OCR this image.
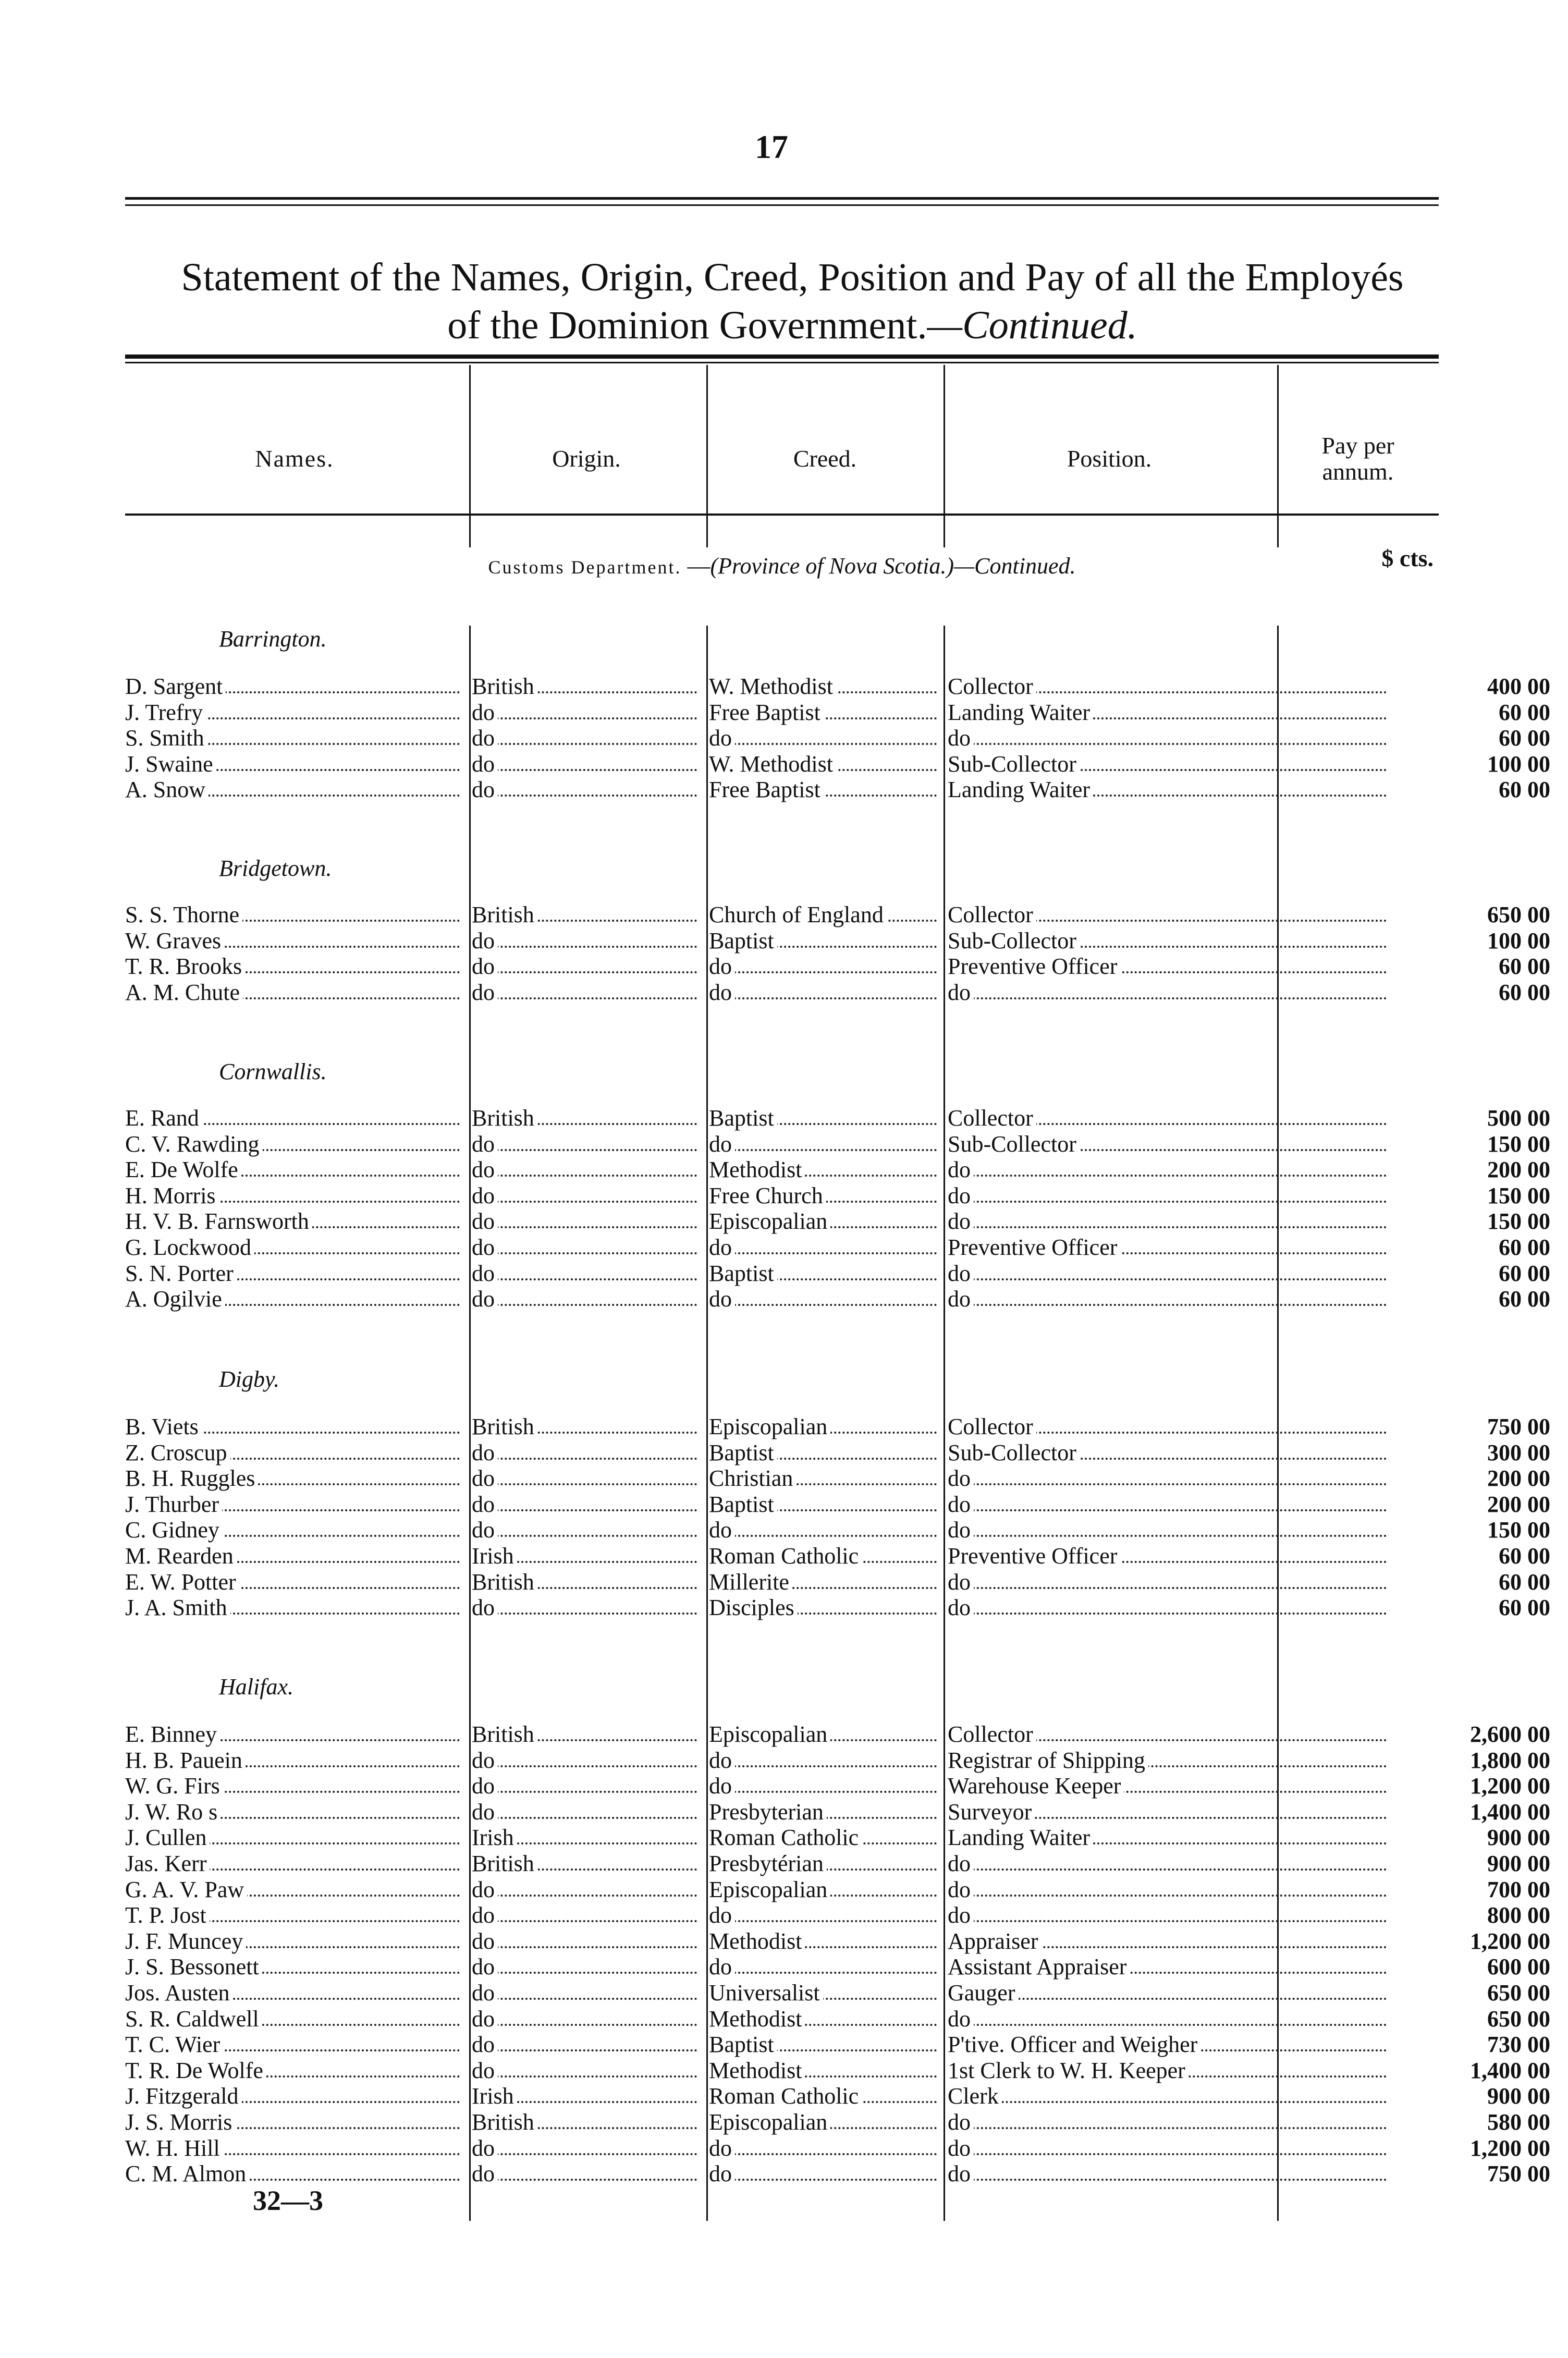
17
Statement of the Names, Origin, Creed, Position and Pay of all the Employés
of the Dominion Government.—Continued.
Names.	Origin.	Creed.	Position.	Pay per annum.
Customs Department. —(Province of Nova Scotia.)—Continued.	$ cts.
Barrington.
D. Sargent	British	W. Methodist	Collector	400 00
J. Trefry	do	Free Baptist	Landing Waiter	60 00
S. Smith	do	do	do	60 00
J. Swaine	do	W. Methodist	Sub-Collector	100 00
A. Snow	do	Free Baptist	Landing Waiter	60 00
Bridgetown.
S. S. Thorne	British	Church of England	Collector	650 00
W. Graves	do	Baptist	Sub-Collector	100 00
T. R. Brooks	do	do	Preventive Officer	60 00
A. M. Chute	do	do	do	60 00
Cornwallis.
E. Rand	British	Baptist	Collector	500 00
C. V. Rawding	do	do	Sub-Collector	150 00
E. De Wolfe	do	Methodist	do	200 00
H. Morris	do	Free Church	do	150 00
H. V. B. Farnsworth	do	Episcopalian	do	150 00
G. Lockwood	do	do	Preventive Officer	60 00
S. N. Porter	do	Baptist	do	60 00
A. Ogilvie	do	do	do	60 00
Digby.
B. Viets	British	Episcopalian	Collector	750 00
Z. Croscup	do	Baptist	Sub-Collector	300 00
B. H. Ruggles	do	Christian	do	200 00
J. Thurber	do	Baptist	do	200 00
C. Gidney	do	do	do	150 00
M. Rearden	Irish	Roman Catholic	Preventive Officer	60 00
E. W. Potter	British	Millerite	do	60 00
J. A. Smith	do	Disciples	do	60 00
Halifax.
E. Binney	British	Episcopalian	Collector	2,600 00
H. B. Pauein	do	do	Registrar of Shipping	1,800 00
W. G. Firs	do	do	Warehouse Keeper	1,200 00
J. W. Ro s	do	Presbyterian	Surveyor	1,400 00
J. Cullen	Irish	Roman Catholic	Landing Waiter	900 00
Jas. Kerr	British	Presbytérian	do	900 00
G. A. V. Paw	do	Episcopalian	do	700 00
T. P. Jost	do	do	do	800 00
J. F. Muncey	do	Methodist	Appraiser	1,200 00
J. S. Bessonett	do	do	Assistant Appraiser	600 00
Jos. Austen	do	Universalist	Gauger	650 00
S. R. Caldwell	do	Methodist	do	650 00
T. C. Wier	do	Baptist	P'tive. Officer and Weigher	730 00
T. R. De Wolfe	do	Methodist	1st Clerk to W. H. Keeper	1,400 00
J. Fitzgerald	Irish	Roman Catholic	Clerk	900 00
J. S. Morris	British	Episcopalian	do	580 00
W. H. Hill	do	do	do	1,200 00
C. M. Almon	do	do	do	750 00
32—3
